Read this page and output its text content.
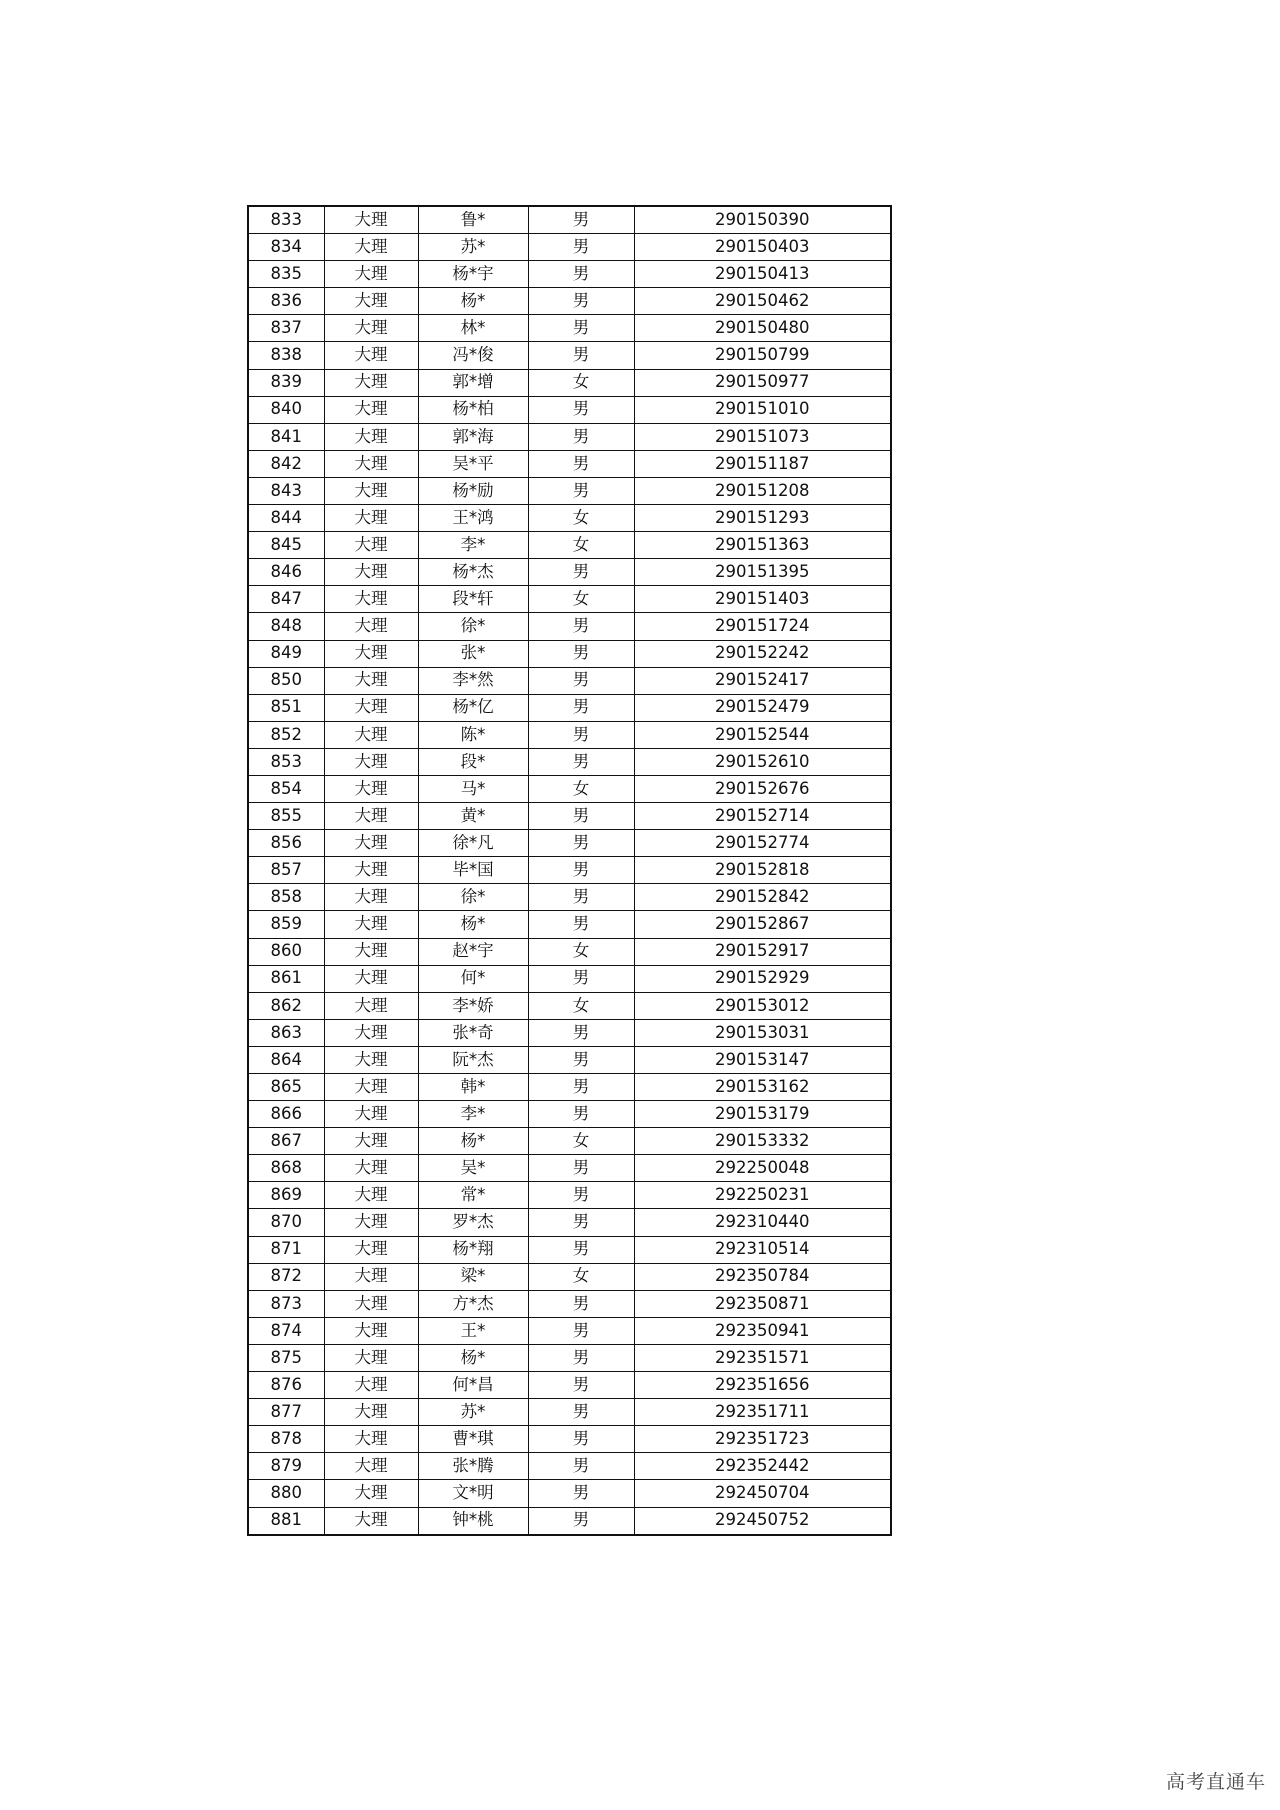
833	大理	鲁*	男	290150390
834	大理	苏*	男	290150403
835	大理	杨*宇	男	290150413
836	大理	杨*	男	290150462
837	大理	林*	男	290150480
838	大理	冯*俊	男	290150799
839	大理	郭*增	女	290150977
840	大理	杨*柏	男	290151010
841	大理	郭*海	男	290151073
842	大理	吴*平	男	290151187
843	大理	杨*励	男	290151208
844	大理	王*鸿	女	290151293
845	大理	李*	女	290151363
846	大理	杨*杰	男	290151395
847	大理	段*轩	女	290151403
848	大理	徐*	男	290151724
849	大理	张*	男	290152242
850	大理	李*然	男	290152417
851	大理	杨*亿	男	290152479
852	大理	陈*	男	290152544
853	大理	段*	男	290152610
854	大理	马*	女	290152676
855	大理	黄*	男	290152714
856	大理	徐*凡	男	290152774
857	大理	毕*国	男	290152818
858	大理	徐*	男	290152842
859	大理	杨*	男	290152867
860	大理	赵*宇	女	290152917
861	大理	何*	男	290152929
862	大理	李*娇	女	290153012
863	大理	张*奇	男	290153031
864	大理	阮*杰	男	290153147
865	大理	韩*	男	290153162
866	大理	李*	男	290153179
867	大理	杨*	女	290153332
868	大理	吴*	男	292250048
869	大理	常*	男	292250231
870	大理	罗*杰	男	292310440
871	大理	杨*翔	男	292310514
872	大理	梁*	女	292350784
873	大理	方*杰	男	292350871
874	大理	王*	男	292350941
875	大理	杨*	男	292351571
876	大理	何*昌	男	292351656
877	大理	苏*	男	292351711
878	大理	曹*琪	男	292351723
879	大理	张*腾	男	292352442
880	大理	文*明	男	292450704
881	大理	钟*桃	男	292450752
高考直通车
